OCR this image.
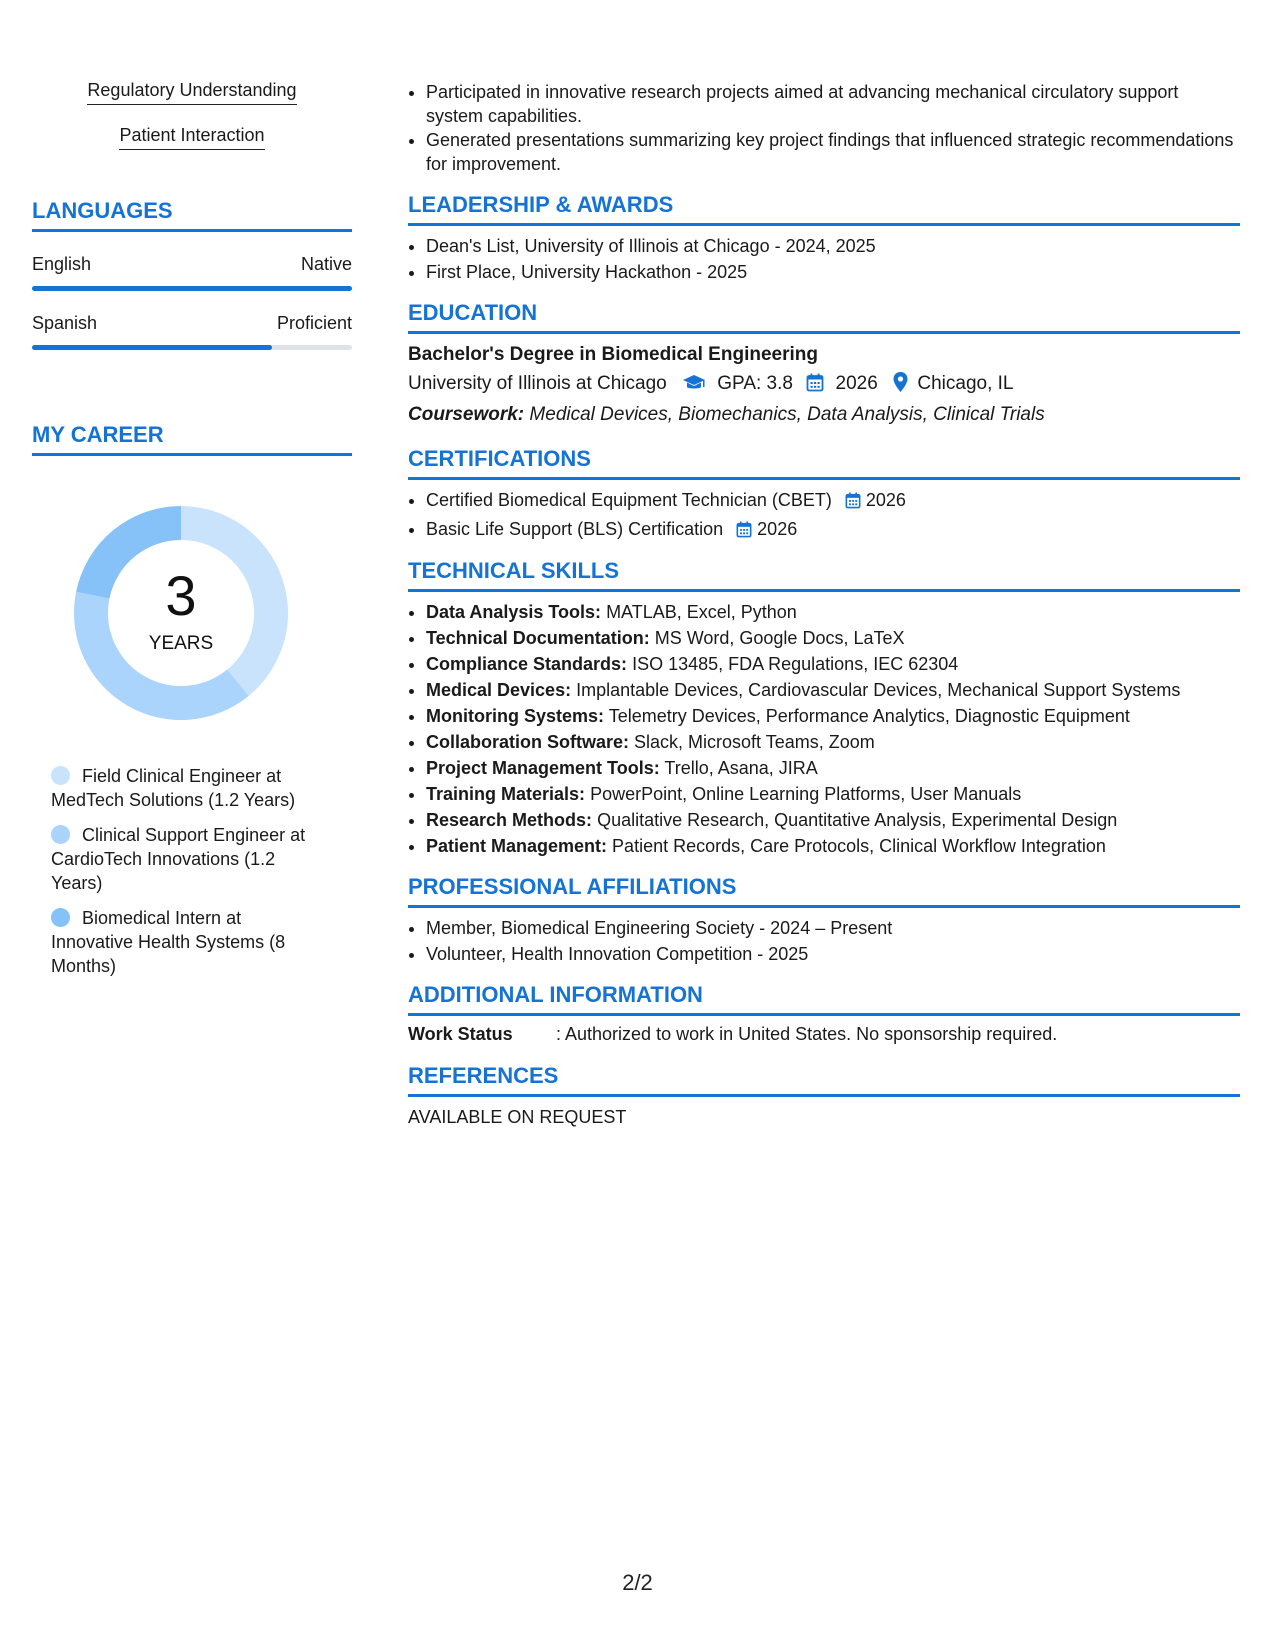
Regulatory Understanding
Patient Interaction
LANGUAGES
English	Native
Spanish	Proficient
MY CAREER
3
YEARS
Field Clinical Engineer at MedTech Solutions (1.2 Years)
Clinical Support Engineer at CardioTech Innovations (1.2 Years)
Biomedical Intern at Innovative Health Systems (8 Months)
• Participated in innovative research projects aimed at advancing mechanical circulatory support system capabilities.
• Generated presentations summarizing key project findings that influenced strategic recommendations for improvement.
LEADERSHIP & AWARDS
• Dean's List, University of Illinois at Chicago - 2024, 2025
• First Place, University Hackathon - 2025
EDUCATION
Bachelor's Degree in Biomedical Engineering
University of Illinois at Chicago	GPA: 3.8 2026 Chicago, IL
Coursework: Medical Devices, Biomechanics, Data Analysis, Clinical Trials
CERTIFICATIONS
• Certified Biomedical Equipment Technician (CBET) 2026
• Basic Life Support (BLS) Certification 2026
TECHNICAL SKILLS
• Data Analysis Tools: MATLAB, Excel, Python
• Technical Documentation: MS Word, Google Docs, LaTeX
• Compliance Standards: ISO 13485, FDA Regulations, IEC 62304
• Medical Devices: Implantable Devices, Cardiovascular Devices, Mechanical Support Systems
• Monitoring Systems: Telemetry Devices, Performance Analytics, Diagnostic Equipment
• Collaboration Software: Slack, Microsoft Teams, Zoom
• Project Management Tools: Trello, Asana, JIRA
• Training Materials: PowerPoint, Online Learning Platforms, User Manuals
• Research Methods: Qualitative Research, Quantitative Analysis, Experimental Design
• Patient Management: Patient Records, Care Protocols, Clinical Workflow Integration
PROFESSIONAL AFFILIATIONS
• Member, Biomedical Engineering Society - 2024 – Present
• Volunteer, Health Innovation Competition - 2025
ADDITIONAL INFORMATION
Work Status : Authorized to work in United States. No sponsorship required.
REFERENCES
AVAILABLE ON REQUEST
2/2
